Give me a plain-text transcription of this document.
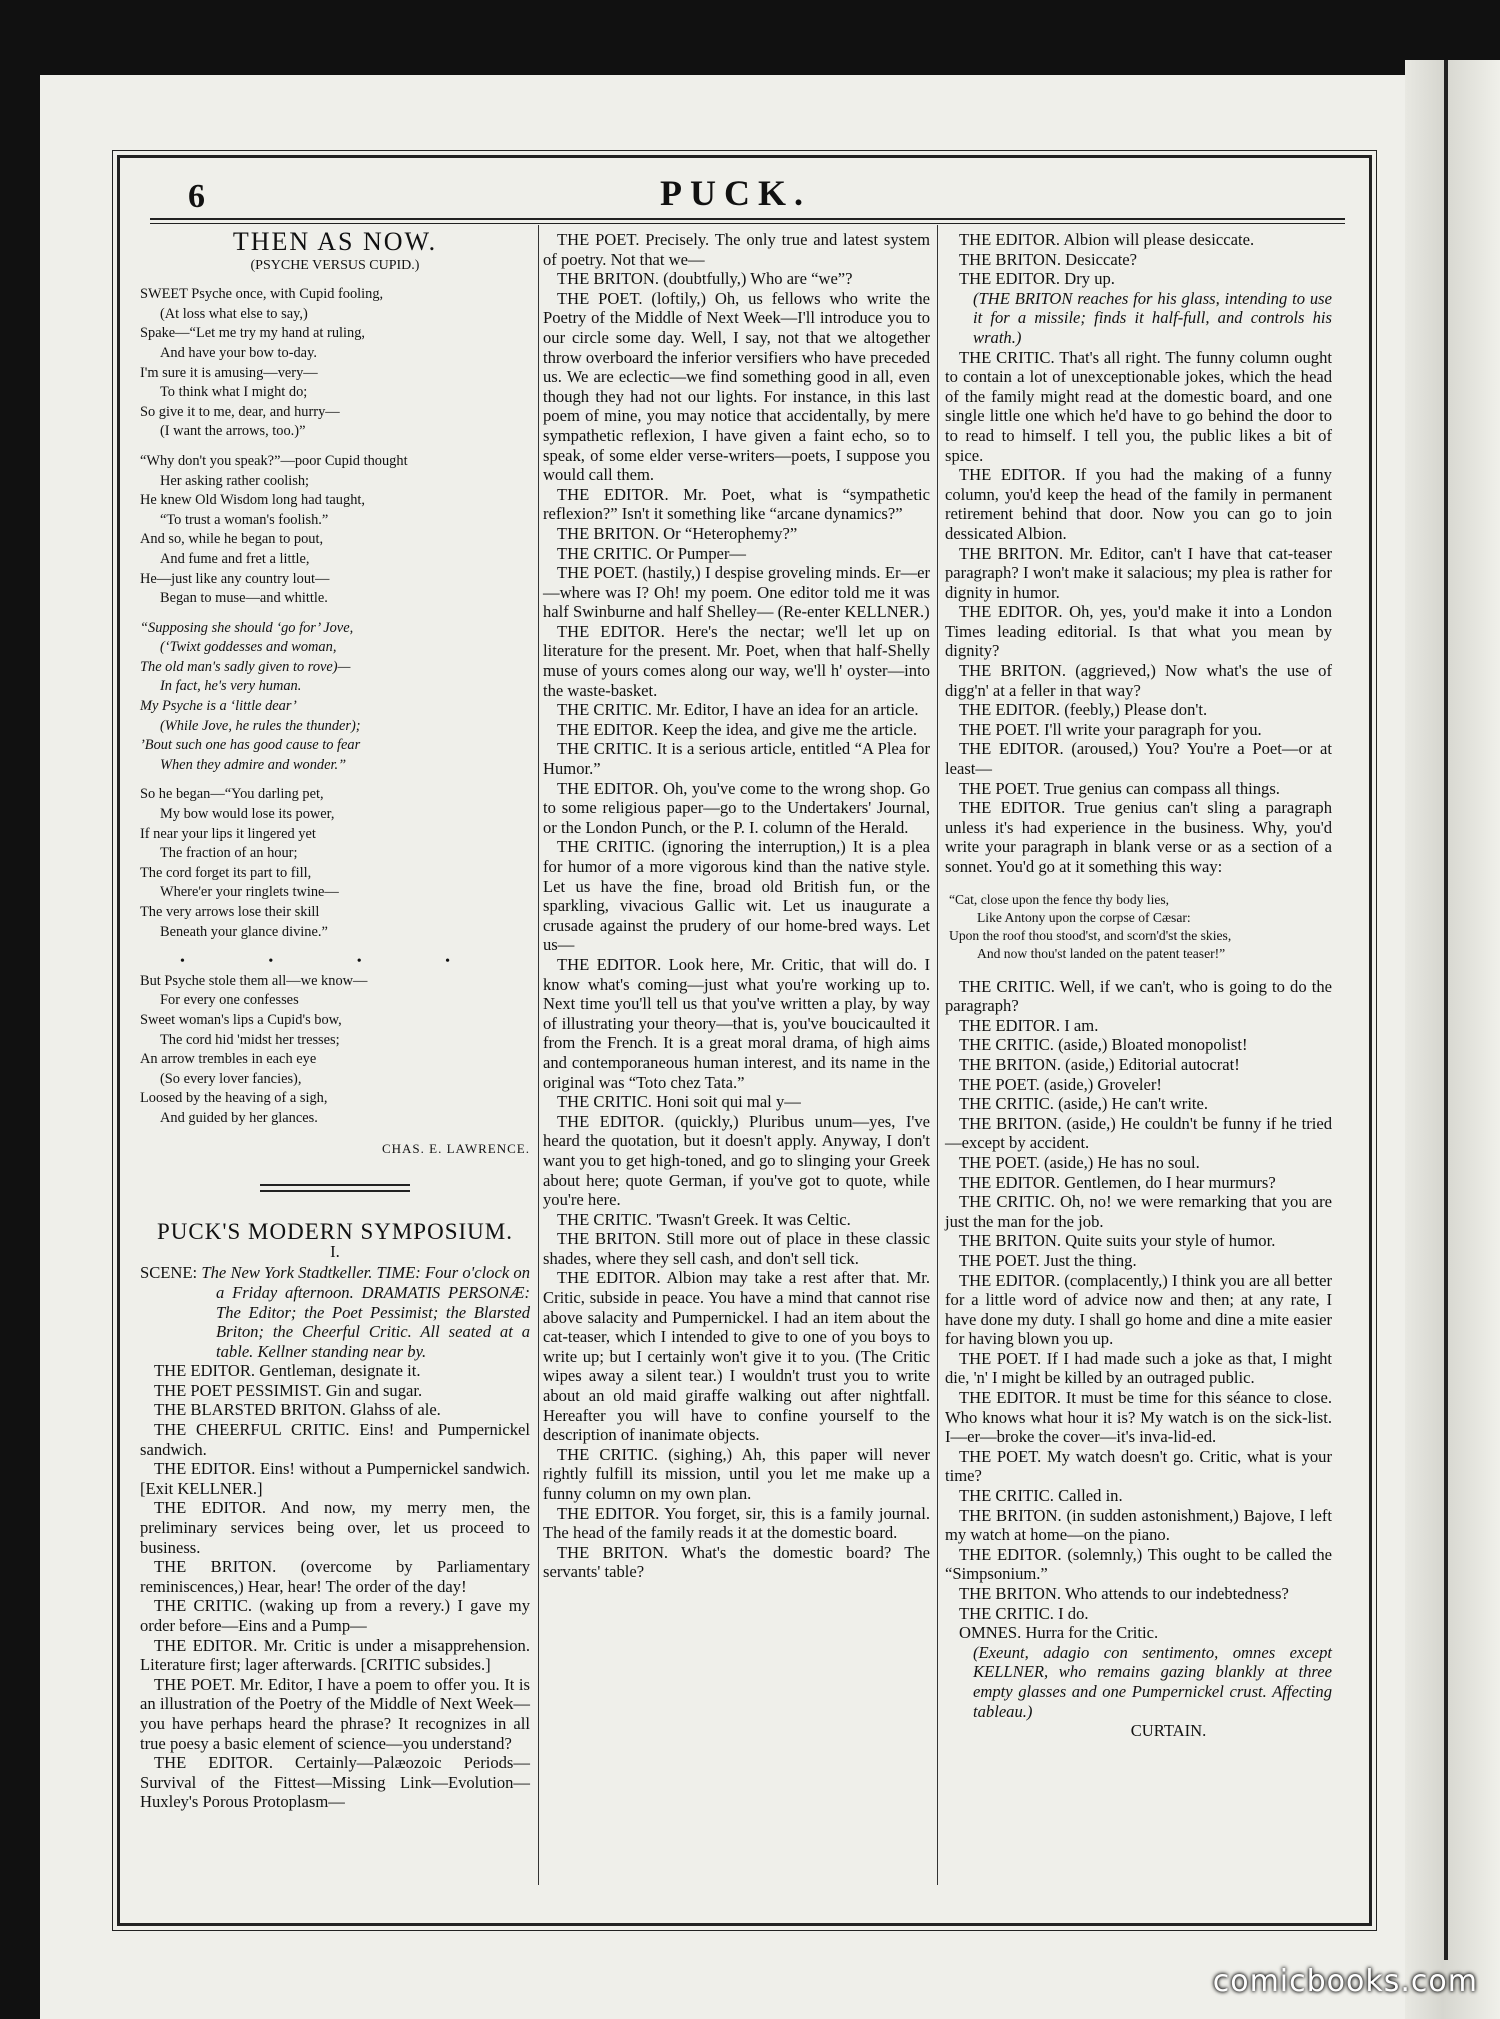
6	PUCK.
THEN AS NOW.
(PSYCHE VERSUS CUPID.)
SWEET Psyche once, with Cupid fooling,
(At loss what else to say,)
Spake—“Let me try my hand at ruling,
And have your bow to-day.
I'm sure it is amusing—very—
To think what I might do;
So give it to me, dear, and hurry—
(I want the arrows, too.)”
“Why don't you speak?”—poor Cupid thought
Her asking rather coolish;
He knew Old Wisdom long had taught,
“To trust a woman's foolish.”
And so, while he began to pout,
And fume and fret a little,
He—just like any country lout—
Began to muse—and whittle.
“Supposing she should ‘go for’ Jove,
(‘Twixt goddesses and woman,
The old man's sadly given to rove)—
In fact, he's very human.
My Psyche is a ‘little dear’
(While Jove, he rules the thunder);
’Bout such one has good cause to fear
When they admire and wonder.”
So he began—“You darling pet,
My bow would lose its power,
If near your lips it lingered yet
The fraction of an hour;
The cord forget its part to fill,
Where'er your ringlets twine—
The very arrows lose their skill
Beneath your glance divine.”
• • • •
But Psyche stole them all—we know—
For every one confesses
Sweet woman's lips a Cupid's bow,
The cord hid 'midst her tresses;
An arrow trembles in each eye
(So every lover fancies),
Loosed by the heaving of a sigh,
And guided by her glances.
CHAS. E. LAWRENCE.
PUCK'S MODERN SYMPOSIUM.
I.

SCENE: The New York Stadtkeller. TIME: Four o'clock on a Friday afternoon. DRAMATIS PERSONÆ: The Editor; the Poet Pessimist; the Blarsted Briton; the Cheerful Critic. All seated at a table. Kellner standing near by.

THE EDITOR. Gentleman, designate it.

THE POET PESSIMIST. Gin and sugar.

THE BLARSTED BRITON. Glahss of ale.

THE CHEERFUL CRITIC. Eins! and Pumpernickel sandwich.

THE EDITOR. Eins! without a Pumpernickel sandwich. [Exit KELLNER.]

THE EDITOR. And now, my merry men, the preliminary services being over, let us proceed to business.

THE BRITON. (overcome by Parliamentary reminiscences,) Hear, hear! The order of the day!

THE CRITIC. (waking up from a revery.) I gave my order before—Eins and a Pump—

THE EDITOR. Mr. Critic is under a misapprehension. Literature first; lager afterwards. [CRITIC subsides.]

THE POET. Mr. Editor, I have a poem to offer you. It is an illustration of the Poetry of the Middle of Next Week—you have perhaps heard the phrase? It recognizes in all true poesy a basic element of science—you understand?

THE EDITOR. Certainly—Palæozoic Periods—Survival of the Fittest—Missing Link—Evolution—Huxley's Porous Protoplasm—

THE POET. Precisely. The only true and latest system of poetry. Not that we—

THE BRITON. (doubtfully,) Who are “we”?

THE POET. (loftily,) Oh, us fellows who write the Poetry of the Middle of Next Week—I'll introduce you to our circle some day. Well, I say, not that we altogether throw overboard the inferior versifiers who have preceded us. We are eclectic—we find something good in all, even though they had not our lights. For instance, in this last poem of mine, you may notice that accidentally, by mere sympathetic reflexion, I have given a faint echo, so to speak, of some elder verse-writers—poets, I suppose you would call them.

THE EDITOR. Mr. Poet, what is “sympathetic reflexion?” Isn't it something like “arcane dynamics?”

THE BRITON. Or “Heterophemy?”

THE CRITIC. Or Pumper—

THE POET. (hastily,) I despise groveling minds. Er—er—where was I? Oh! my poem. One editor told me it was half Swinburne and half Shelley— (Re-enter KELLNER.)

THE EDITOR. Here's the nectar; we'll let up on literature for the present. Mr. Poet, when that half-Shelly muse of yours comes along our way, we'll h' oyster—into the waste-basket.

THE CRITIC. Mr. Editor, I have an idea for an article.

THE EDITOR. Keep the idea, and give me the article.

THE CRITIC. It is a serious article, entitled “A Plea for Humor.”

THE EDITOR. Oh, you've come to the wrong shop. Go to some religious paper—go to the Undertakers' Journal, or the London Punch, or the P. I. column of the Herald.

THE CRITIC. (ignoring the interruption,) It is a plea for humor of a more vigorous kind than the native style. Let us have the fine, broad old British fun, or the sparkling, vivacious Gallic wit. Let us inaugurate a crusade against the prudery of our home-bred ways. Let us—

THE EDITOR. Look here, Mr. Critic, that will do. I know what's coming—just what you're working up to. Next time you'll tell us that you've written a play, by way of illustrating your theory—that is, you've boucicaulted it from the French. It is a great moral drama, of high aims and contemporaneous human interest, and its name in the original was “Toto chez Tata.”

THE CRITIC. Honi soit qui mal y—

THE EDITOR. (quickly,) Pluribus unum—yes, I've heard the quotation, but it doesn't apply. Anyway, I don't want you to get high-toned, and go to slinging your Greek about here; quote German, if you've got to quote, while you're here.

THE CRITIC. 'Twasn't Greek. It was Celtic.

THE BRITON. Still more out of place in these classic shades, where they sell cash, and don't sell tick.

THE EDITOR. Albion may take a rest after that. Mr. Critic, subside in peace. You have a mind that cannot rise above salacity and Pumpernickel. I had an item about the cat-teaser, which I intended to give to one of you boys to write up; but I certainly won't give it to you. (The Critic wipes away a silent tear.) I wouldn't trust you to write about an old maid giraffe walking out after nightfall. Hereafter you will have to confine yourself to the description of inanimate objects.

THE CRITIC. (sighing,) Ah, this paper will never rightly fulfill its mission, until you let me make up a funny column on my own plan.

THE EDITOR. You forget, sir, this is a family journal. The head of the family reads it at the domestic board.

THE BRITON. What's the domestic board? The servants' table?

THE EDITOR. Albion will please desiccate.

THE BRITON. Desiccate?

THE EDITOR. Dry up.

(THE BRITON reaches for his glass, intending to use it for a missile; finds it half-full, and controls his wrath.)

THE CRITIC. That's all right. The funny column ought to contain a lot of unexceptionable jokes, which the head of the family might read at the domestic board, and one single little one which he'd have to go behind the door to to read to himself. I tell you, the public likes a bit of spice.

THE EDITOR. If you had the making of a funny column, you'd keep the head of the family in permanent retirement behind that door. Now you can go to join dessicated Albion.

THE BRITON. Mr. Editor, can't I have that cat-teaser paragraph? I won't make it salacious; my plea is rather for dignity in humor.

THE EDITOR. Oh, yes, you'd make it into a London Times leading editorial. Is that what you mean by dignity?

THE BRITON. (aggrieved,) Now what's the use of digg'n' at a feller in that way?

THE EDITOR. (feebly,) Please don't.

THE POET. I'll write your paragraph for you.

THE EDITOR. (aroused,) You? You're a Poet—or at least—

THE POET. True genius can compass all things.

THE EDITOR. True genius can't sling a paragraph unless it's had experience in the business. Why, you'd write your paragraph in blank verse or as a section of a sonnet. You'd go at it something this way:

“Cat, close upon the fence thy body lies,
Like Antony upon the corpse of Cæsar:
Upon the roof thou stood'st, and scorn'd'st the skies,
And now thou'st landed on the patent teaser!”

THE CRITIC. Well, if we can't, who is going to do the paragraph?

THE EDITOR. I am.

THE CRITIC. (aside,) Bloated monopolist!

THE BRITON. (aside,) Editorial autocrat!

THE POET. (aside,) Groveler!

THE CRITIC. (aside,) He can't write.

THE BRITON. (aside,) He couldn't be funny if he tried—except by accident.

THE POET. (aside,) He has no soul.

THE EDITOR. Gentlemen, do I hear murmurs?

THE CRITIC. Oh, no! we were remarking that you are just the man for the job.

THE BRITON. Quite suits your style of humor.

THE POET. Just the thing.

THE EDITOR. (complacently,) I think you are all better for a little word of advice now and then; at any rate, I have done my duty. I shall go home and dine a mite easier for having blown you up.

THE POET. If I had made such a joke as that, I might die, 'n' I might be killed by an outraged public.

THE EDITOR. It must be time for this séance to close. Who knows what hour it is? My watch is on the sick-list. I—er—broke the cover—it's inva-lid-ed.

THE POET. My watch doesn't go. Critic, what is your time?

THE CRITIC. Called in.

THE BRITON. (in sudden astonishment,) Bajove, I left my watch at home—on the piano.

THE EDITOR. (solemnly,) This ought to be called the “Simpsonium.”

THE BRITON. Who attends to our indebtedness?

THE CRITIC. I do.

OMNES. Hurra for the Critic.

(Exeunt, adagio con sentimento, omnes except KELLNER, who remains gazing blankly at three empty glasses and one Pumpernickel crust. Affecting tableau.)

CURTAIN.
comicbooks.com
